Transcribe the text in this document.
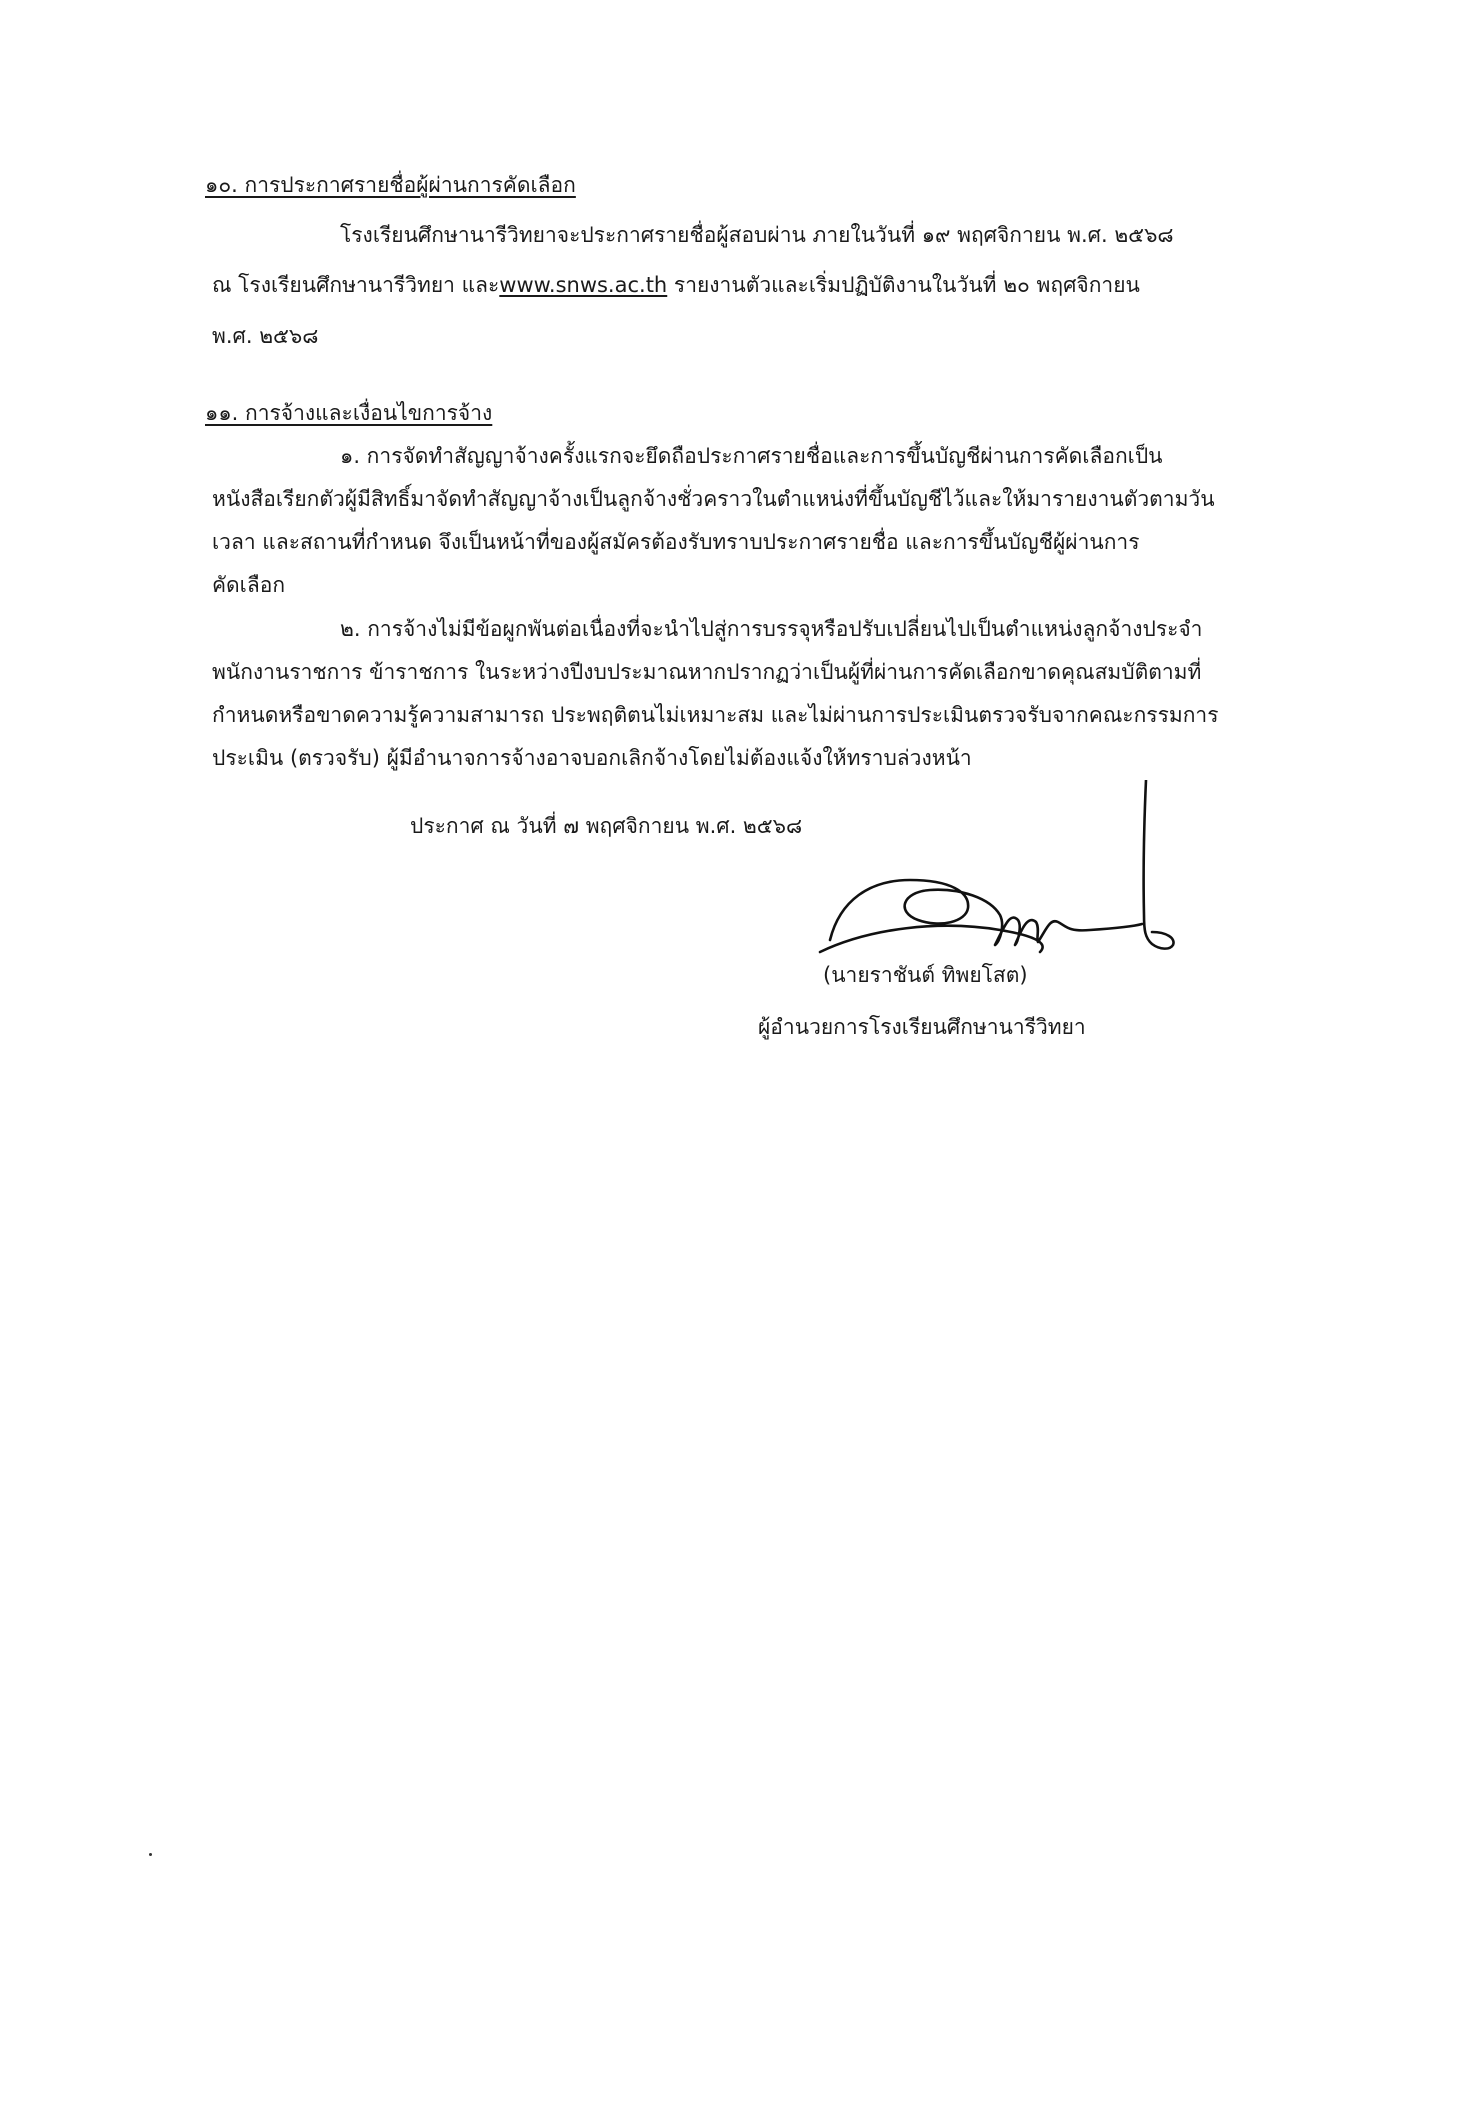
๑๐. การประกาศรายชื่อผู้ผ่านการคัดเลือก
โรงเรียนศึกษานารีวิทยาจะประกาศรายชื่อผู้สอบผ่าน ภายในวันที่ ๑๙ พฤศจิกายน พ.ศ. ๒๕๖๘
ณ โรงเรียนศึกษานารีวิทยา และwww.snws.ac.th รายงานตัวและเริ่มปฏิบัติงานในวันที่ ๒๐ พฤศจิกายน
พ.ศ. ๒๕๖๘
๑๑. การจ้างและเงื่อนไขการจ้าง
๑. การจัดทำสัญญาจ้างครั้งแรกจะยึดถือประกาศรายชื่อและการขึ้นบัญชีผ่านการคัดเลือกเป็น
หนังสือเรียกตัวผู้มีสิทธิ์มาจัดทำสัญญาจ้างเป็นลูกจ้างชั่วคราวในตำแหน่งที่ขึ้นบัญชีไว้และให้มารายงานตัวตามวัน
เวลา และสถานที่กำหนด จึงเป็นหน้าที่ของผู้สมัครต้องรับทราบประกาศรายชื่อ และการขึ้นบัญชีผู้ผ่านการ
คัดเลือก
๒. การจ้างไม่มีข้อผูกพันต่อเนื่องที่จะนำไปสู่การบรรจุหรือปรับเปลี่ยนไปเป็นตำแหน่งลูกจ้างประจำ
พนักงานราชการ ข้าราชการ ในระหว่างปีงบประมาณหากปรากฏว่าเป็นผู้ที่ผ่านการคัดเลือกขาดคุณสมบัติตามที่
กำหนดหรือขาดความรู้ความสามารถ ประพฤติตนไม่เหมาะสม และไม่ผ่านการประเมินตรวจรับจากคณะกรรมการ
ประเมิน (ตรวจรับ) ผู้มีอำนาจการจ้างอาจบอกเลิกจ้างโดยไม่ต้องแจ้งให้ทราบล่วงหน้า
ประกาศ ณ วันที่ ๗ พฤศจิกายน พ.ศ. ๒๕๖๘
(นายราชันต์ ทิพยโสต)
ผู้อำนวยการโรงเรียนศึกษานารีวิทยา
